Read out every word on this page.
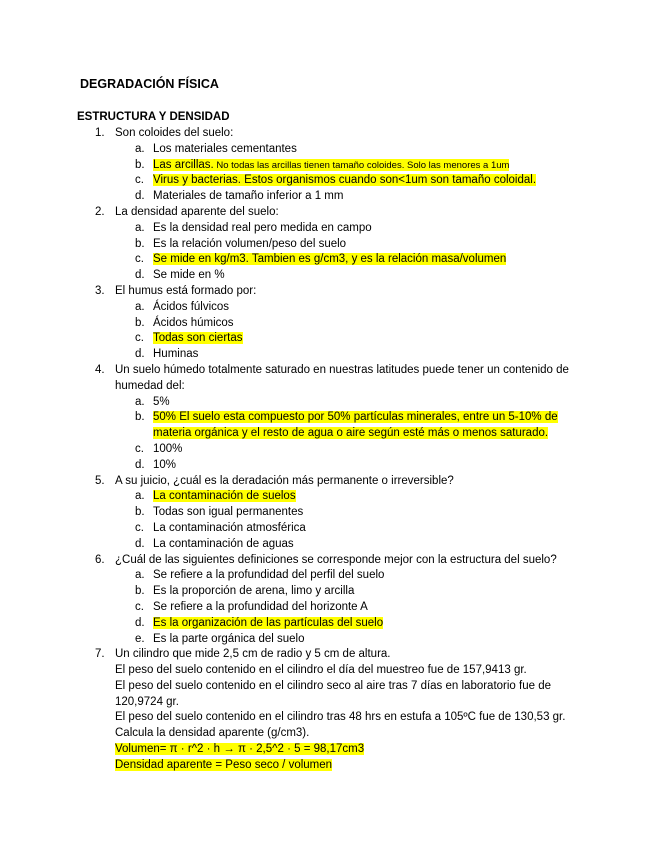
DEGRADACIÓN FÍSICA
ESTRUCTURA Y DENSIDAD
1. Son coloides del suelo:
a. Los materiales cementantes
b. Las arcillas. No todas las arcillas tienen tamaño coloides. Solo las menores a 1um
c. Virus y bacterias. Estos organismos cuando son<1um son tamaño coloidal.
d. Materiales de tamaño inferior a 1 mm
2. La densidad aparente del suelo:
a. Es la densidad real pero medida en campo
b. Es la relación volumen/peso del suelo
c. Se mide en kg/m3. Tambien es g/cm3, y es la relación masa/volumen
d. Se mide en %
3. El humus está formado por:
a. Ácidos fúlvicos
b. Ácidos húmicos
c. Todas son ciertas
d. Huminas
4. Un suelo húmedo totalmente saturado en nuestras latitudes puede tener un contenido de humedad del:
a. 5%
b. 50% El suelo esta compuesto por 50% partículas minerales, entre un 5-10% de materia orgánica y el resto de agua o aire según esté más o menos saturado.
c. 100%
d. 10%
5. A su juicio, ¿cuál es la deradación más permanente o irreversible?
a. La contaminación de suelos
b. Todas son igual permanentes
c. La contaminación atmosférica
d. La contaminación de aguas
6. ¿Cuál de las siguientes definiciones se corresponde mejor con la estructura del suelo?
a. Se refiere a la profundidad del perfil del suelo
b. Es la proporción de arena, limo y arcilla
c. Se refiere a la profundidad del horizonte A
d. Es la organización de las partículas del suelo
e. Es la parte orgánica del suelo
7. Un cilindro que mide 2,5 cm de radio y 5 cm de altura.
El peso del suelo contenido en el cilindro el día del muestreo fue de 157,9413 gr.
El peso del suelo contenido en el cilindro seco al aire tras 7 días en laboratorio fue de 120,9724 gr.
El peso del suelo contenido en el cilindro tras 48 hrs en estufa a 105ºC fue de 130,53 gr.
Calcula la densidad aparente (g/cm3).
Volumen= π · r^2 · h → π · 2,5^2 · 5 = 98,17cm3
Densidad aparente = Peso seco / volumen
